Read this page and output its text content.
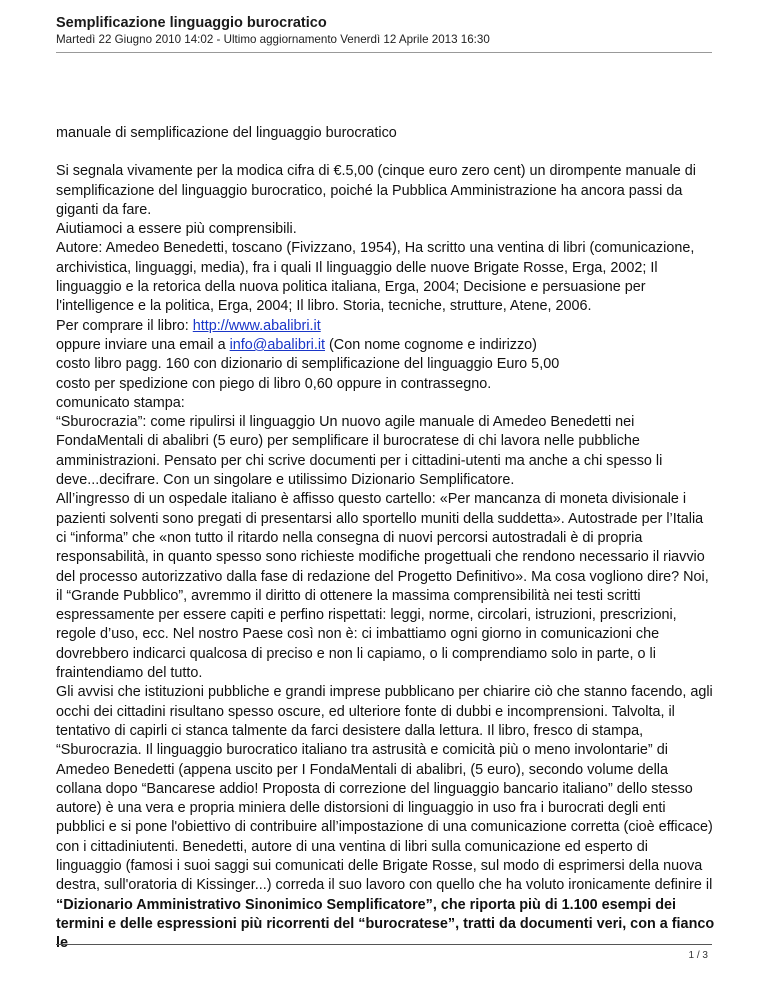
Semplificazione linguaggio burocratico
Martedì 22 Giugno 2010 14:02 - Ultimo aggiornamento Venerdì 12 Aprile 2013 16:30

manuale di semplificazione del linguaggio burocratico

Si segnala vivamente per la modica cifra di €.5,00 (cinque euro zero cent) un dirompente manuale di semplificazione del linguaggio burocratico, poiché la Pubblica Amministrazione ha ancora passi da giganti da fare.

Aiutiamoci a essere più comprensibili.

Autore: Amedeo Benedetti, toscano (Fivizzano, 1954), Ha scritto una ventina di libri (comunicazione, archivistica, linguaggi, media), fra i quali Il linguaggio delle nuove Brigate Rosse, Erga, 2002; Il linguaggio e la retorica della nuova politica italiana, Erga, 2004; Decisione e persuasione per l'intelligence e la politica, Erga, 2004; Il libro. Storia, tecniche, strutture, Atene, 2006.

Per comprare il libro: http://www.abalibri.it

oppure inviare una email a info@abalibri.it (Con nome cognome e indirizzo)

costo libro pagg. 160 con dizionario di semplificazione del linguaggio Euro 5,00

costo per spedizione con piego di libro 0,60 oppure in contrassegno.

comunicato stampa:

“Sburocrazia”: come ripulirsi il linguaggio Un nuovo agile manuale di Amedeo Benedetti nei FondaMentali di abalibri (5 euro) per semplificare il burocratese di chi lavora nelle pubbliche amministrazioni. Pensato per chi scrive documenti per i cittadini-utenti ma anche a chi spesso li deve...decifrare. Con un singolare e utilissimo Dizionario Semplificatore.

All’ingresso di un ospedale italiano è affisso questo cartello: «Per mancanza di moneta divisionale i pazienti solventi sono pregati di presentarsi allo sportello muniti della suddetta». Autostrade per l’Italia ci “informa” che «non tutto il ritardo nella consegna di nuovi percorsi autostradali è di propria responsabilità, in quanto spesso sono richieste modifiche progettuali che rendono necessario il riavvio del processo autorizzativo dalla fase di redazione del Progetto Definitivo». Ma cosa vogliono dire? Noi, il “Grande Pubblico”, avremmo il diritto di ottenere la massima comprensibilità nei testi scritti espressamente per essere capiti e perfino rispettati: leggi, norme, circolari, istruzioni, prescrizioni, regole d’uso, ecc. Nel nostro Paese così non è: ci imbattiamo ogni giorno in comunicazioni che dovrebbero indicarci qualcosa di preciso e non li capiamo, o li comprendiamo solo in parte, o li fraintendiamo del tutto.

Gli avvisi che istituzioni pubbliche e grandi imprese pubblicano per chiarire ciò che stanno facendo, agli occhi dei cittadini risultano spesso oscure, ed ulteriore fonte di dubbi e incomprensioni. Talvolta, il tentativo di capirli ci stanca talmente da farci desistere dalla lettura. Il libro, fresco di stampa, “Sburocrazia. Il linguaggio burocratico italiano tra astrusità e comicità più o meno involontarie” di Amedeo Benedetti (appena uscito per I FondaMentali di abalibri, (5 euro), secondo volume della collana dopo “Bancarese addio! Proposta di correzione del linguaggio bancario italiano” dello stesso autore) è una vera e propria miniera delle distorsioni di linguaggio in uso fra i burocrati degli enti pubblici e si pone l'obiettivo di contribuire all’impostazione di una comunicazione corretta (cioè efficace) con i cittadiniutenti. Benedetti, autore di una ventina di libri sulla comunicazione ed esperto di linguaggio (famosi i suoi saggi sui comunicati delle Brigate Rosse, sul modo di esprimersi della nuova destra, sull'oratoria di Kissinger...) correda il suo lavoro con quello che ha voluto ironicamente definire il “Dizionario Amministrativo Sinonimico Semplificatore”, che riporta più di 1.100 esempi dei termini e delle espressioni più ricorrenti del “burocratese”, tratti da documenti veri, con a fianco le

1 / 3
